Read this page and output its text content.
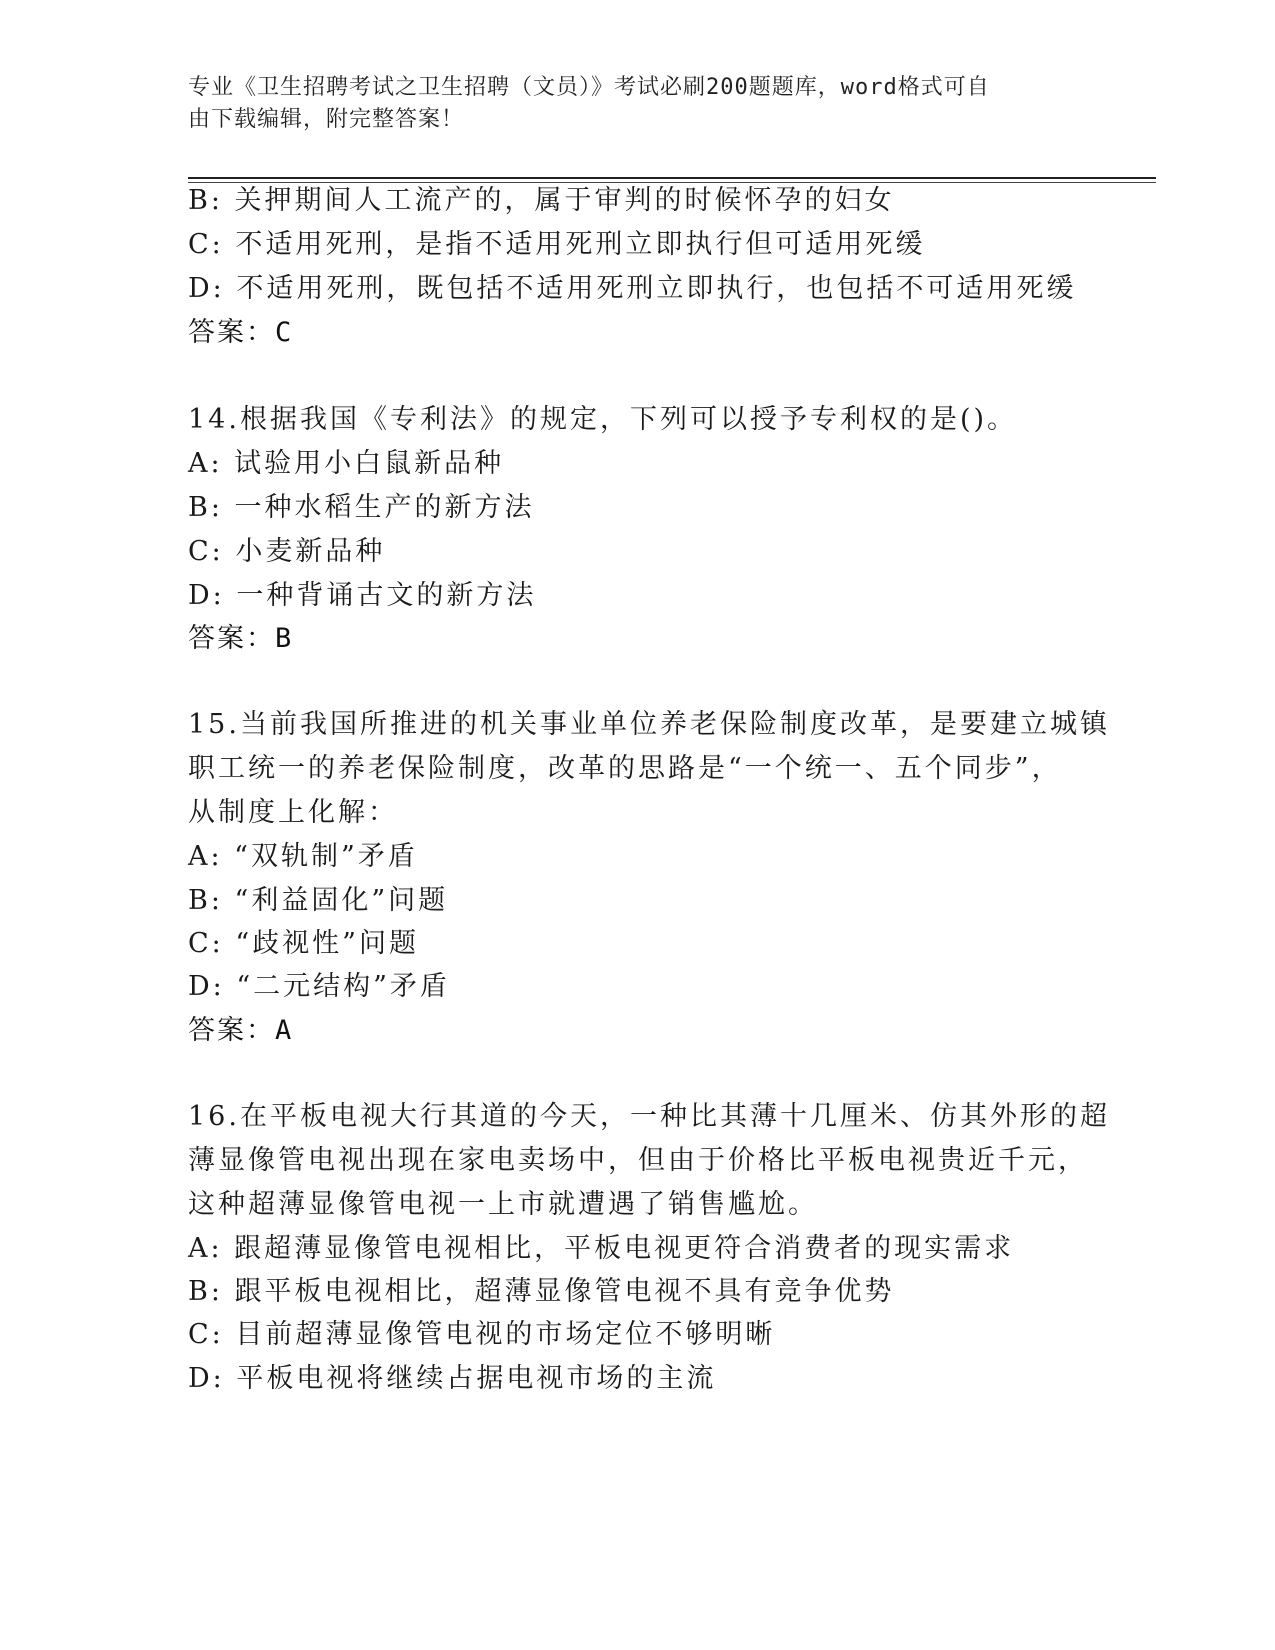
专业《卫生招聘考试之卫生招聘（文员）》考试必刷200题题库，word格式可自
由下载编辑，附完整答案！
B: 关押期间人工流产的，属于审判的时候怀孕的妇女
C: 不适用死刑，是指不适用死刑立即执行但可适用死缓
D: 不适用死刑，既包括不适用死刑立即执行，也包括不可适用死缓
答案：C
14.根据我国《专利法》的规定，下列可以授予专利权的是()。
A: 试验用小白鼠新品种
B: 一种水稻生产的新方法
C: 小麦新品种
D: 一种背诵古文的新方法
答案：B
15.当前我国所推进的机关事业单位养老保险制度改革，是要建立城镇
职工统一的养老保险制度，改革的思路是“一个统一、五个同步”，
从制度上化解：
A: “双轨制”矛盾
B: “利益固化”问题
C: “歧视性”问题
D: “二元结构”矛盾
答案：A
16.在平板电视大行其道的今天，一种比其薄十几厘米、仿其外形的超
薄显像管电视出现在家电卖场中，但由于价格比平板电视贵近千元，
这种超薄显像管电视一上市就遭遇了销售尴尬。
A: 跟超薄显像管电视相比，平板电视更符合消费者的现实需求
B: 跟平板电视相比，超薄显像管电视不具有竞争优势
C: 目前超薄显像管电视的市场定位不够明晰
D: 平板电视将继续占据电视市场的主流
